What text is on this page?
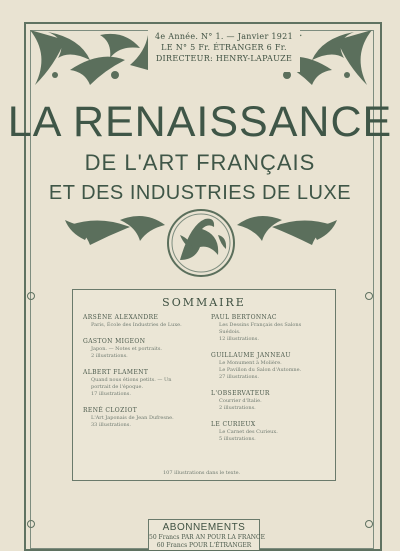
4e Année. N° 1. — Janvier 1921
LE N° 5 Fr. ÉTRANGER 6 Fr.
DIRECTEUR: HENRY-LAPAUZE
LA RENAISSANCE
DE L'ART FRANÇAIS
ET DES INDUSTRIES DE LUXE
SOMMAIRE
ARSÈNE ALEXANDRE
Paris, École des Industries de Luxe.
GASTON MIGEON
Japon. — Notes et portraits.
2 illustrations.
ALBERT FLAMENT
Quand nous étions petits. — Un
portrait de l'époque.
17 illustrations.
RENÉ CLOZIOT
L'Art Japonais de Jean Dufresne.
33 illustrations.
PAUL BERTONNAC
Les Dessins Français des Salons
Suédois.
12 illustrations.
GUILLAUME JANNEAU
Le Monument à Molière.
Le Pavillon du Salon d'Automne.
27 illustrations.
L'OBSERVATEUR
Courrier d'Italie.
2 illustrations.
LE CURIEUX
Le Carnet des Curieux.
5 illustrations.
107 illustrations dans le texte.
ABONNEMENTS
50 Francs PAR AN POUR LA FRANCE
60 Francs POUR L'ÉTRANGER
